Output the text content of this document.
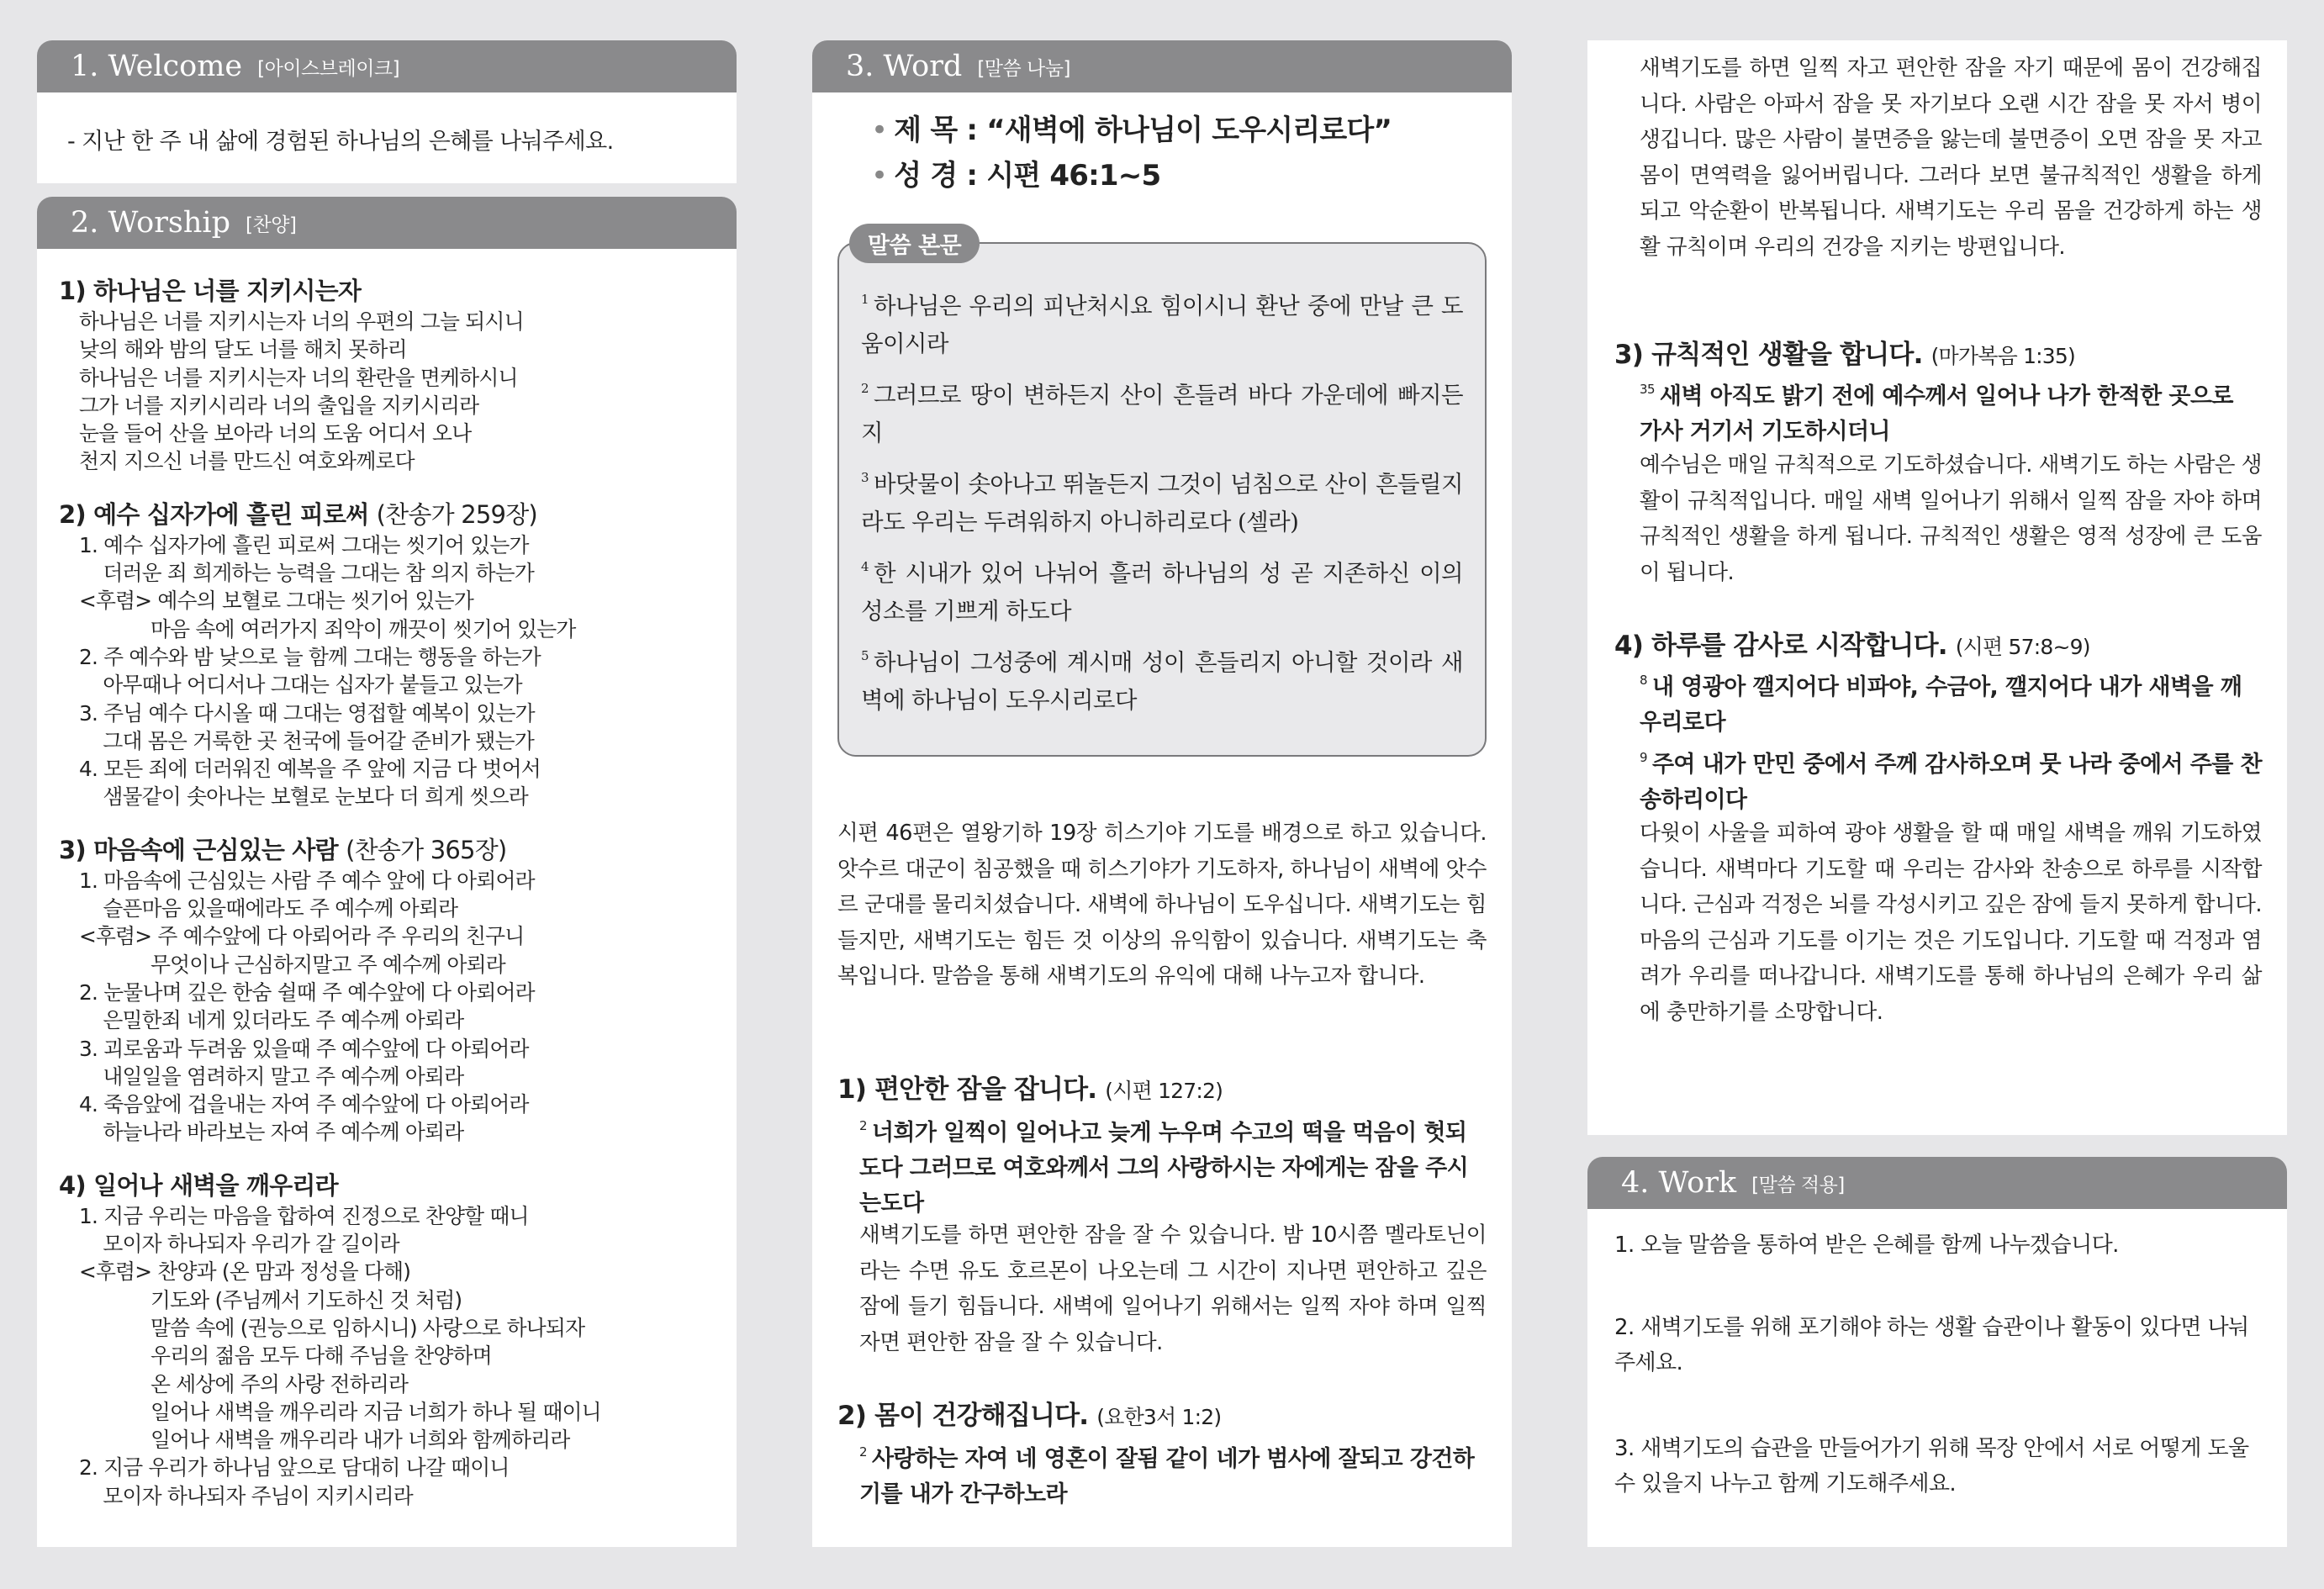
1. Welcome [아이스브레이크]
- 지난 한 주 내 삶에 경험된 하나님의 은혜를 나눠주세요.
2. Worship [찬양]
1) 하나님은 너를 지키시는자
하나님은 너를 지키시는자 너의 우편의 그늘 되시니
낮의 해와 밤의 달도 너를 해치 못하리
하나님은 너를 지키시는자 너의 환란을 면케하시니
그가 너를 지키시리라 너의 출입을 지키시리라
눈을 들어 산을 보아라 너의 도움 어디서 오나
천지 지으신 너를 만드신 여호와께로다
2) 예수 십자가에 흘린 피로써 (찬송가 259장)
1. 예수 십자가에 흘린 피로써 그대는 씻기어 있는가
더러운 죄 희게하는 능력을 그대는 참 의지 하는가
<후렴> 예수의 보혈로 그대는 씻기어 있는가
마음 속에 여러가지 죄악이 깨끗이 씻기어 있는가
2. 주 예수와 밤 낮으로 늘 함께 그대는 행동을 하는가
아무때나 어디서나 그대는 십자가 붙들고 있는가
3. 주님 예수 다시올 때 그대는 영접할 예복이 있는가
그대 몸은 거룩한 곳 천국에 들어갈 준비가 됐는가
4. 모든 죄에 더러워진 예복을 주 앞에 지금 다 벗어서
샘물같이 솟아나는 보혈로 눈보다 더 희게 씻으라
3) 마음속에 근심있는 사람 (찬송가 365장)
1. 마음속에 근심있는 사람 주 예수 앞에 다 아뢰어라
슬픈마음 있을때에라도 주 예수께 아뢰라
<후렴> 주 예수앞에 다 아뢰어라 주 우리의 친구니
무엇이나 근심하지말고 주 예수께 아뢰라
2. 눈물나며 깊은 한숨 쉴때 주 예수앞에 다 아뢰어라
은밀한죄 네게 있더라도 주 예수께 아뢰라
3. 괴로움과 두려움 있을때 주 예수앞에 다 아뢰어라
내일일을 염려하지 말고 주 예수께 아뢰라
4. 죽음앞에 겁을내는 자여 주 예수앞에 다 아뢰어라
하늘나라 바라보는 자여 주 예수께 아뢰라
4) 일어나 새벽을 깨우리라
1. 지금 우리는 마음을 합하여 진정으로 찬양할 때니
모이자 하나되자 우리가 갈 길이라
<후렴> 찬양과 (온 맘과 정성을 다해)
기도와 (주님께서 기도하신 것 처럼)
말씀 속에 (권능으로 임하시니) 사랑으로 하나되자
우리의 젊음 모두 다해 주님을 찬양하며
온 세상에 주의 사랑 전하리라
일어나 새벽을 깨우리라 지금 너희가 하나 될 때이니
일어나 새벽을 깨우리라 내가 너희와 함께하리라
2. 지금 우리가 하나님 앞으로 담대히 나갈 때이니
모이자 하나되자 주님이 지키시리라
3. Word [말씀 나눔]
• 제 목 : “새벽에 하나님이 도우시리로다”
• 성 경 : 시편 46:1~5
$^1$ 하나님은 우리의 피난처시요 힘이시니 환난 중에 만날 큰 도움이시라
$^2$ 그러므로 땅이 변하든지 산이 흔들려 바다 가운데에 빠지든지
$^3$ 바닷물이 솟아나고 뛰놀든지 그것이 넘침으로 산이 흔들릴지라도 우리는 두려워하지 아니하리로다 (셀라)
$^4$ 한 시내가 있어 나뉘어 흘러 하나님의 성 곧 지존하신 이의 성소를 기쁘게 하도다
$^5$ 하나님이 그성중에 계시매 성이 흔들리지 아니할 것이라 새벽에 하나님이 도우시리로다
말씀 본문
시편 46편은 열왕기하 19장 히스기야 기도를 배경으로 하고 있습니다. 앗수르 대군이 침공했을 때 히스기야가 기도하자, 하나님이 새벽에 앗수르 군대를 물리치셨습니다. 새벽에 하나님이 도우십니다. 새벽기도는 힘들지만, 새벽기도는 힘든 것 이상의 유익함이 있습니다. 새벽기도는 축복입니다. 말씀을 통해 새벽기도의 유익에 대해 나누고자 합니다.
1) 편안한 잠을 잡니다. (시편 127:2)
$^2$ 너희가 일찍이 일어나고 늦게 누우며 수고의 떡을 먹음이 헛되도다 그러므로 여호와께서 그의 사랑하시는 자에게는 잠을 주시는도다
새벽기도를 하면 편안한 잠을 잘 수 있습니다. 밤 10시쯤 멜라토닌이라는 수면 유도 호르몬이 나오는데 그 시간이 지나면 편안하고 깊은 잠에 들기 힘듭니다. 새벽에 일어나기 위해서는 일찍 자야 하며 일찍 자면 편안한 잠을 잘 수 있습니다.
2) 몸이 건강해집니다. (요한3서 1:2)
$^2$ 사랑하는 자여 네 영혼이 잘됨 같이 네가 범사에 잘되고 강건하기를 내가 간구하노라
새벽기도를 하면 일찍 자고 편안한 잠을 자기 때문에 몸이 건강해집니다. 사람은 아파서 잠을 못 자기보다 오랜 시간 잠을 못 자서 병이 생깁니다. 많은 사람이 불면증을 앓는데 불면증이 오면 잠을 못 자고 몸이 면역력을 잃어버립니다. 그러다 보면 불규칙적인 생활을 하게 되고 악순환이 반복됩니다. 새벽기도는 우리 몸을 건강하게 하는 생활 규칙이며 우리의 건강을 지키는 방편입니다.
3) 규칙적인 생활을 합니다. (마가복음 1:35)
$^{35}$ 새벽 아직도 밝기 전에 예수께서 일어나 나가 한적한 곳으로 가사 거기서 기도하시더니
예수님은 매일 규칙적으로 기도하셨습니다. 새벽기도 하는 사람은 생활이 규칙적입니다. 매일 새벽 일어나기 위해서 일찍 잠을 자야 하며 규칙적인 생활을 하게 됩니다. 규칙적인 생활은 영적 성장에 큰 도움이 됩니다.
4) 하루를 감사로 시작합니다. (시편 57:8~9)
$^8$ 내 영광아 깰지어다 비파야, 수금아, 깰지어다 내가 새벽을 깨우리로다
$^9$ 주여 내가 만민 중에서 주께 감사하오며 뭇 나라 중에서 주를 찬송하리이다
다윗이 사울을 피하여 광야 생활을 할 때 매일 새벽을 깨워 기도하였습니다. 새벽마다 기도할 때 우리는 감사와 찬송으로 하루를 시작합니다. 근심과 걱정은 뇌를 각성시키고 깊은 잠에 들지 못하게 합니다. 마음의 근심과 기도를 이기는 것은 기도입니다. 기도할 때 걱정과 염려가 우리를 떠나갑니다. 새벽기도를 통해 하나님의 은혜가 우리 삶에 충만하기를 소망합니다.
4. Work [말씀 적용]
1. 오늘 말씀을 통하여 받은 은혜를 함께 나누겠습니다.
2. 새벽기도를 위해 포기해야 하는 생활 습관이나 활동이 있다면 나눠주세요.
3. 새벽기도의 습관을 만들어가기 위해 목장 안에서 서로 어떻게 도울 수 있을지 나누고 함께 기도해주세요.
